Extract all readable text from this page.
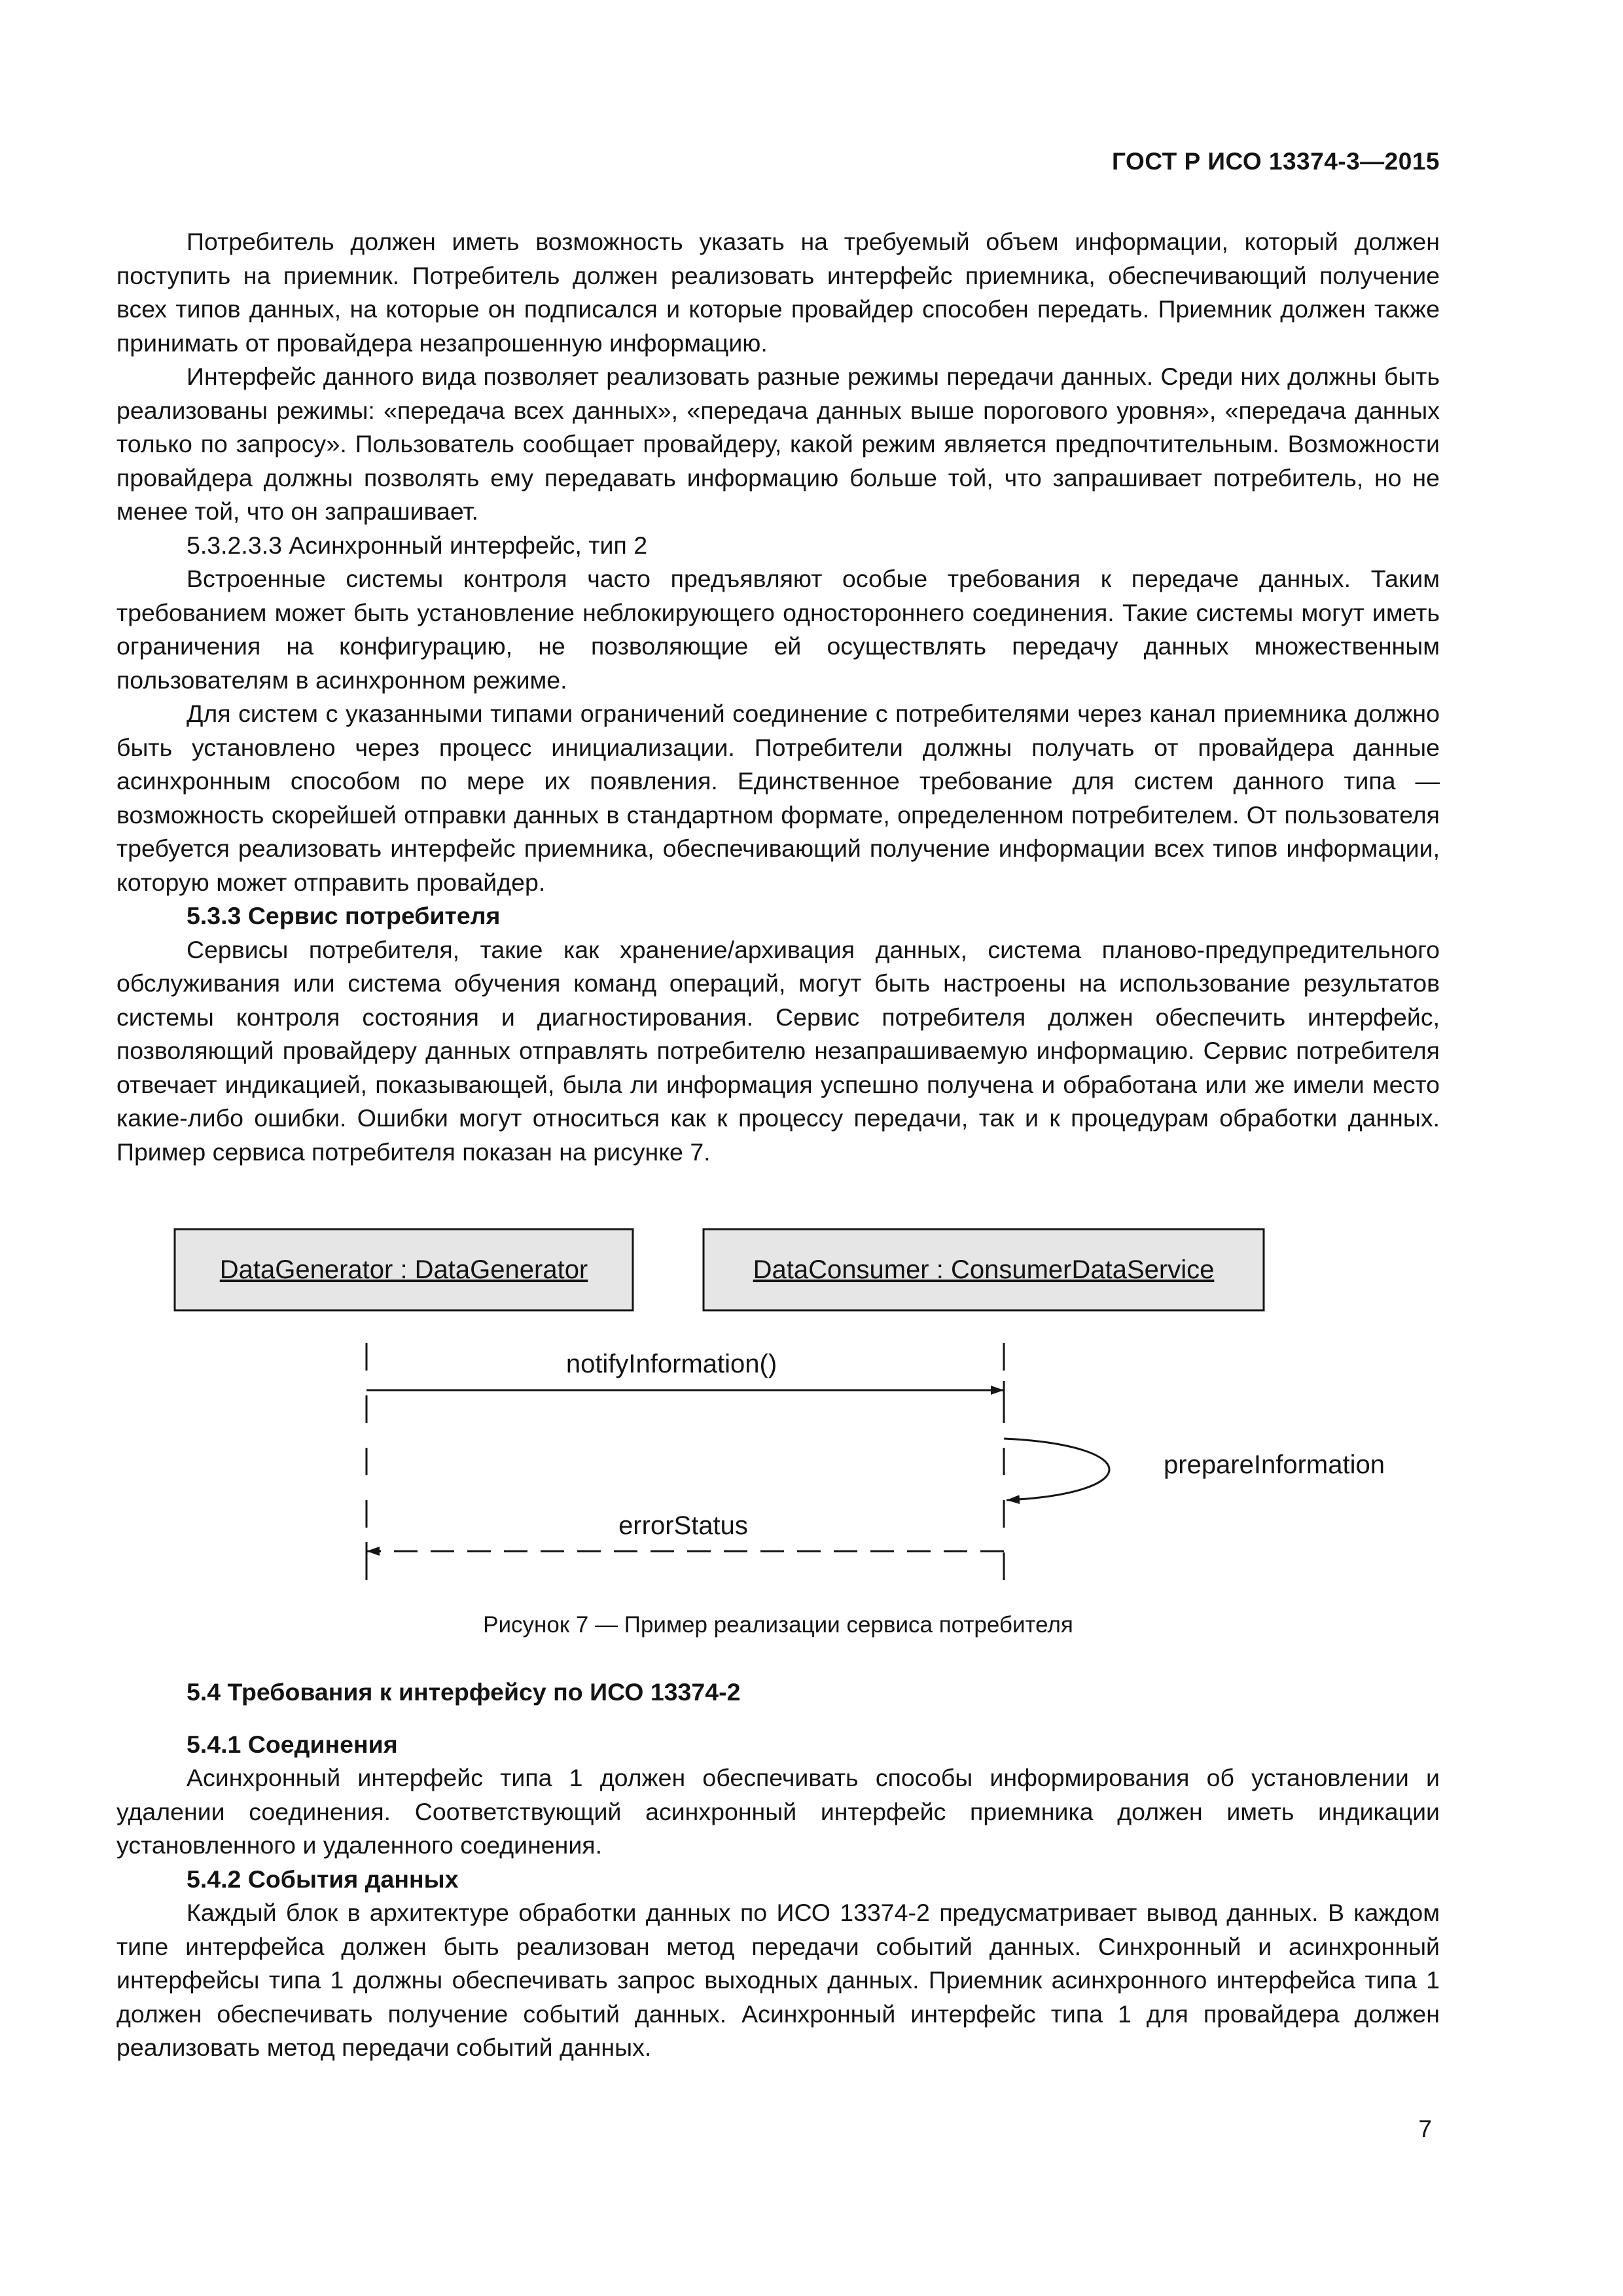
ГОСТ Р ИСО 13374-3—2015

Потребитель должен иметь возможность указать на требуемый объем информации, который должен поступить на приемник. Потребитель должен реализовать интерфейс приемника, обеспечивающий получение всех типов данных, на которые он подписался и которые провайдер способен передать. Приемник должен также принимать от провайдера незапрошенную информацию.

Интерфейс данного вида позволяет реализовать разные режимы передачи данных. Среди них должны быть реализованы режимы: «передача всех данных», «передача данных выше порогового уровня», «передача данных только по запросу». Пользователь сообщает провайдеру, какой режим является предпочтительным. Возможности провайдера должны позволять ему передавать информацию больше той, что запрашивает потребитель, но не менее той, что он запрашивает.

5.3.2.3.3 Асинхронный интерфейс, тип 2

Встроенные системы контроля часто предъявляют особые требования к передаче данных. Таким требованием может быть установление неблокирующего одностороннего соединения. Такие системы могут иметь ограничения на конфигурацию, не позволяющие ей осуществлять передачу данных множественным пользователям в асинхронном режиме.

Для систем с указанными типами ограничений соединение с потребителями через канал приемника должно быть установлено через процесс инициализации. Потребители должны получать от провайдера данные асинхронным способом по мере их появления. Единственное требование для систем данного типа — возможность скорейшей отправки данных в стандартном формате, определенном потребителем. От пользователя требуется реализовать интерфейс приемника, обеспечивающий получение информации всех типов информации, которую может отправить провайдер.

5.3.3 Сервис потребителя

Сервисы потребителя, такие как хранение/архивация данных, система планово-предупредительного обслуживания или система обучения команд операций, могут быть настроены на использование результатов системы контроля состояния и диагностирования. Сервис потребителя должен обеспечить интерфейс, позволяющий провайдеру данных отправлять потребителю незапрашиваемую информацию. Сервис потребителя отвечает индикацией, показывающей, была ли информация успешно получена и обработана или же имели место какие-либо ошибки. Ошибки могут относиться как к процессу передачи, так и к процедурам обработки данных. Пример сервиса потребителя показан на рисунке 7.

DataGenerator : DataGenerator	DataConsumer : ConsumerDataService
notifyInformation()
prepareInformation
errorStatus
Рисунок 7 — Пример реализации сервиса потребителя

5.4 Требования к интерфейсу по ИСО 13374-2

5.4.1 Соединения

Асинхронный интерфейс типа 1 должен обеспечивать способы информирования об установлении и удалении соединения. Соответствующий асинхронный интерфейс приемника должен иметь индикации установленного и удаленного соединения.

5.4.2 События данных

Каждый блок в архитектуре обработки данных по ИСО 13374-2 предусматривает вывод данных. В каждом типе интерфейса должен быть реализован метод передачи событий данных. Синхронный и асинхронный интерфейсы типа 1 должны обеспечивать запрос выходных данных. Приемник асинхронного интерфейса типа 1 должен обеспечивать получение событий данных. Асинхронный интерфейс типа 1 для провайдера должен реализовать метод передачи событий данных.

7
